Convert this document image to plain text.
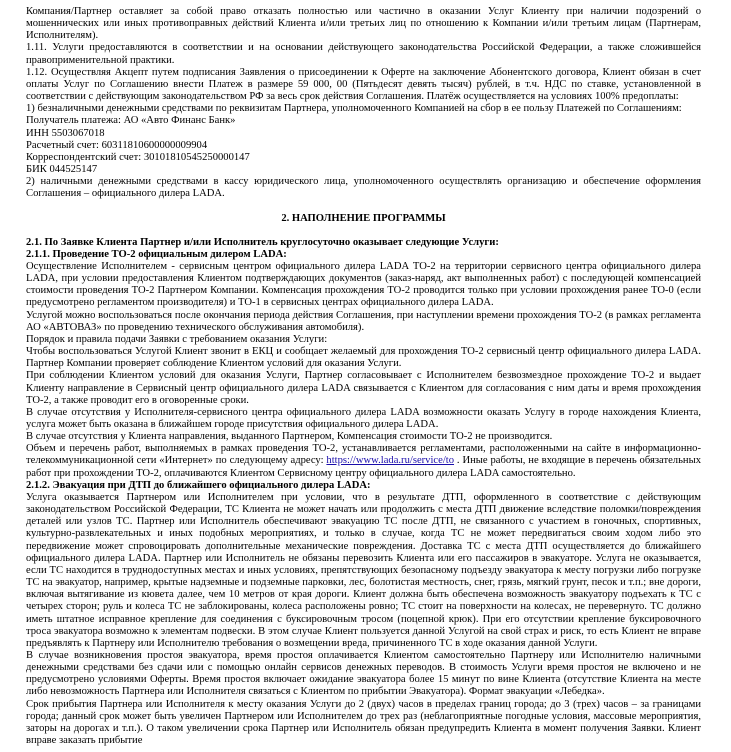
Компания/Партнер оставляет за собой право отказать полностью или частично в оказании Услуг Клиенту при наличии подозрений о мошеннических или иных противоправных действий Клиента и/или третьих лиц по отношению к Компании и/или третьим лицам (Партнерам, Исполнителям).

1.11. Услуги предоставляются в соответствии и на основании действующего законодательства Российской Федерации, а также сложившейся правоприменительной практики.

1.12. Осуществляя Акцепт путем подписания Заявления о присоединении к Оферте на заключение Абонентского договора, Клиент обязан в счет оплаты Услуг по Соглашению внести Платеж в размере 59 000, 00 (Пятьдесят девять тысяч) рублей, в т.ч. НДС по ставке, установленной в соответствии с действующим законодательством РФ за весь срок действия Соглашения. Платёж осуществляется на условиях 100% предоплаты:

1) безналичными денежными средствами по реквизитам Партнера, уполномоченного Компанией на сбор в ее пользу Платежей по Соглашениям:

Получатель платежа: АО «Авто Финанс Банк»

ИНН 5503067018

Расчетный счет: 60311810600000009904

Корреспондентский счет: 30101810545250000147

БИК 044525147

2) наличными денежными средствами в кассу юридического лица, уполномоченного осуществлять организацию и обеспечение оформления Соглашения – официального дилера LADA.

2. НАПОЛНЕНИЕ ПРОГРАММЫ

2.1. По Заявке Клиента Партнер и/или Исполнитель круглосуточно оказывает следующие Услуги:

2.1.1. Проведение ТО-2 официальным дилером LADA:

Осуществление Исполнителем - сервисным центром официального дилера LADA ТО-2 на территории сервисного центра официального дилера LADA, при условии предоставления Клиентом подтверждающих документов (заказ-наряд, акт выполненных работ) с последующей компенсацией стоимости проведения ТО-2 Партнером Компании. Компенсация прохождения ТО-2 проводится только при условии прохождения ранее ТО-0 (если предусмотрено регламентом производителя) и ТО-1 в сервисных центрах официального дилера LADA.

Услугой можно воспользоваться после окончания периода действия Соглашения, при наступлении времени прохождения ТО-2 (в рамках регламента АО «АВТОВАЗ» по проведению технического обслуживания автомобиля).

Порядок и правила подачи Заявки с требованием оказания Услуги:

Чтобы воспользоваться Услугой Клиент звонит в ЕКЦ и сообщает желаемый для прохождения ТО-2 сервисный центр официального дилера LADA. Партнер Компании проверяет соблюдение Клиентом условий для оказания Услуги.

При соблюдении Клиентом условий для оказания Услуги, Партнер согласовывает с Исполнителем безвозмездное прохождение ТО-2 и выдает Клиенту направление в Сервисный центр официального дилера LADA связывается с Клиентом для согласования с ним даты и время прохождения ТО-2, а также проводит его в оговоренные сроки.

В случае отсутствия у Исполнителя-сервисного центра официального дилера LADA возможности оказать Услугу в городе нахождения Клиента, услуга может быть оказана в ближайшем городе присутствия официального дилера LADA.

В случае отсутствия у Клиента направления, выданного Партнером, Компенсация стоимости ТО-2 не производится.

Объем и перечень работ, выполняемых в рамках проведения ТО-2, устанавливается регламентами, расположенными на сайте в информационно-телекоммуникационной сети «Интернет» по следующему адресу: https://www.lada.ru/service/to . Иные работы, не входящие в перечень обязательных работ при прохождении ТО-2, оплачиваются Клиентом Сервисному центру официального дилера LADA самостоятельно.

2.1.2. Эвакуация при ДТП до ближайшего официального дилера LADA:

Услуга оказывается Партнером или Исполнителем при условии, что в результате ДТП, оформленного в соответствие с действующим законодательством Российской Федерации, ТС Клиента не может начать или продолжить с места ДТП движение вследствие поломки/повреждения деталей или узлов ТС. Партнер или Исполнитель обеспечивают эвакуацию ТС после ДТП, не связанного с участием в гоночных, спортивных, культурно-развлекательных и иных подобных мероприятиях, и только в случае, когда ТС не может передвигаться своим ходом либо это передвижение может спровоцировать дополнительные механические повреждения. Доставка ТС с места ДТП осуществляется до ближайшего официального дилера LADA. Партнер или Исполнитель не обязаны перевозить Клиента или его пассажиров в эвакуаторе. Услуга не оказывается, если ТС находится в труднодоступных местах и иных условиях, препятствующих безопасному подъезду эвакуатора к месту погрузки либо погрузке ТС на эвакуатор, например, крытые надземные и подземные парковки, лес, болотистая местность, снег, грязь, мягкий грунт, песок и т.п.; вне дороги, включая вытягивание из кювета далее, чем 10 метров от края дороги. Клиент должна быть обеспечена возможность эвакуатору подъехать к ТС с четырех сторон; руль и колеса ТС не заблокированы, колеса расположены ровно; ТС стоит на поверхности на колесах, не перевернуто. ТС должно иметь штатное исправное крепление для соединения с буксировочным тросом (поцепной крюк). При его отсутствии крепление буксировочного троса эвакуатора возможно к элементам подвески. В этом случае Клиент пользуется данной Услугой на свой страх и риск, то есть Клиент не вправе предъявлять к Партнеру или Исполнителю требования о возмещении вреда, причиненного ТС в ходе оказания данной Услуги.

В случае возникновения простоя эвакуатора, время простоя оплачивается Клиентом самостоятельно Партнеру или Исполнителю наличными денежными средствами без сдачи или с помощью онлайн сервисов денежных переводов. В стоимость Услуги время простоя не включено и не предусмотрено условиями Оферты. Время простоя включает ожидание эвакуатора более 15 минут по вине Клиента (отсутствие Клиента на месте либо невозможность Партнера или Исполнителя связаться с Клиентом по прибытии Эвакуатора). Формат эвакуации «Лебедка».

Срок прибытия Партнера или Исполнителя к месту оказания Услуги до 2 (двух) часов в пределах границ города; до 3 (трех) часов – за границами города; данный срок может быть увеличен Партнером или Исполнителем до трех раз (неблагоприятные погодные условия, массовые мероприятия, заторы на дорогах и т.п.). О таком увеличении срока Партнер или Исполнитель обязан предупредить Клиента в момент получения Заявки. Клиент вправе заказать прибытие
